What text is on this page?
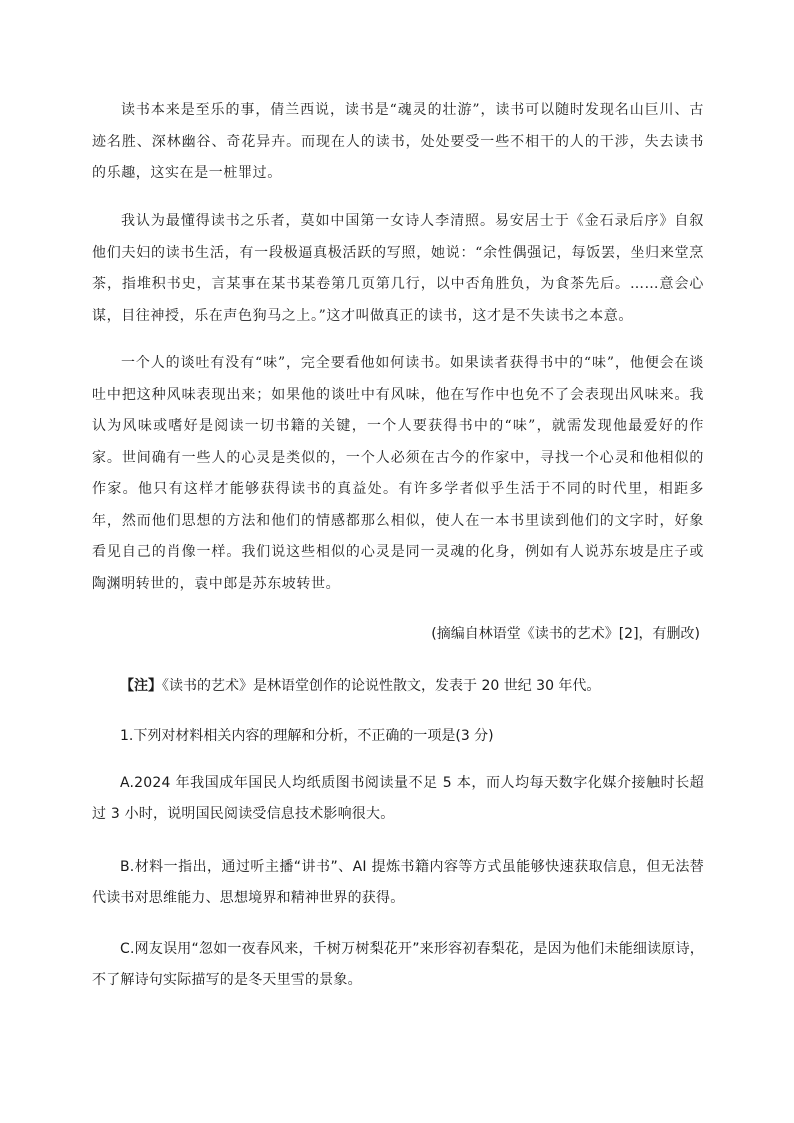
读书本来是至乐的事，倩兰西说，读书是“魂灵的壮游”，读书可以随时发现名山巨川、古迹名胜、深林幽谷、奇花异卉。而现在人的读书，处处要受一些不相干的人的干涉，失去读书的乐趣，这实在是一桩罪过。

我认为最懂得读书之乐者，莫如中国第一女诗人李清照。易安居士于《金石录后序》自叙他们夫妇的读书生活，有一段极逼真极活跃的写照，她说：“余性偶强记，每饭罢，坐归来堂烹茶，指堆积书史，言某事在某书某卷第几页第几行，以中否角胜负，为食茶先后。……意会心谋，目往神授，乐在声色狗马之上。”这才叫做真正的读书，这才是不失读书之本意。

一个人的谈吐有没有“味”，完全要看他如何读书。如果读者获得书中的“味”，他便会在谈吐中把这种风味表现出来；如果他的谈吐中有风味，他在写作中也免不了会表现出风味来。我认为风味或嗜好是阅读一切书籍的关键，一个人要获得书中的“味”，就需发现他最爱好的作家。世间确有一些人的心灵是类似的，一个人必须在古今的作家中，寻找一个心灵和他相似的作家。他只有这样才能够获得读书的真益处。有许多学者似乎生活于不同的时代里，相距多年，然而他们思想的方法和他们的情感都那么相似，使人在一本书里读到他们的文字时，好象看见自己的肖像一样。我们说这些相似的心灵是同一灵魂的化身，例如有人说苏东坡是庄子或陶渊明转世的，袁中郎是苏东坡转世。

(摘编自林语堂《读书的艺术》[2]，有删改)
【注】《读书的艺术》是林语堂创作的论说性散文，发表于 20 世纪 30 年代。
1.下列对材料相关内容的理解和分析，不正确的一项是(3 分)

A.2024 年我国成年国民人均纸质图书阅读量不足 5 本，而人均每天数字化媒介接触时长超过 3 小时，说明国民阅读受信息技术影响很大。

B.材料一指出，通过听主播“讲书”、AI 提炼书籍内容等方式虽能够快速获取信息，但无法替代读书对思维能力、思想境界和精神世界的获得。

C.网友误用“忽如一夜春风来，千树万树梨花开”来形容初春梨花，是因为他们未能细读原诗，不了解诗句实际描写的是冬天里雪的景象。
